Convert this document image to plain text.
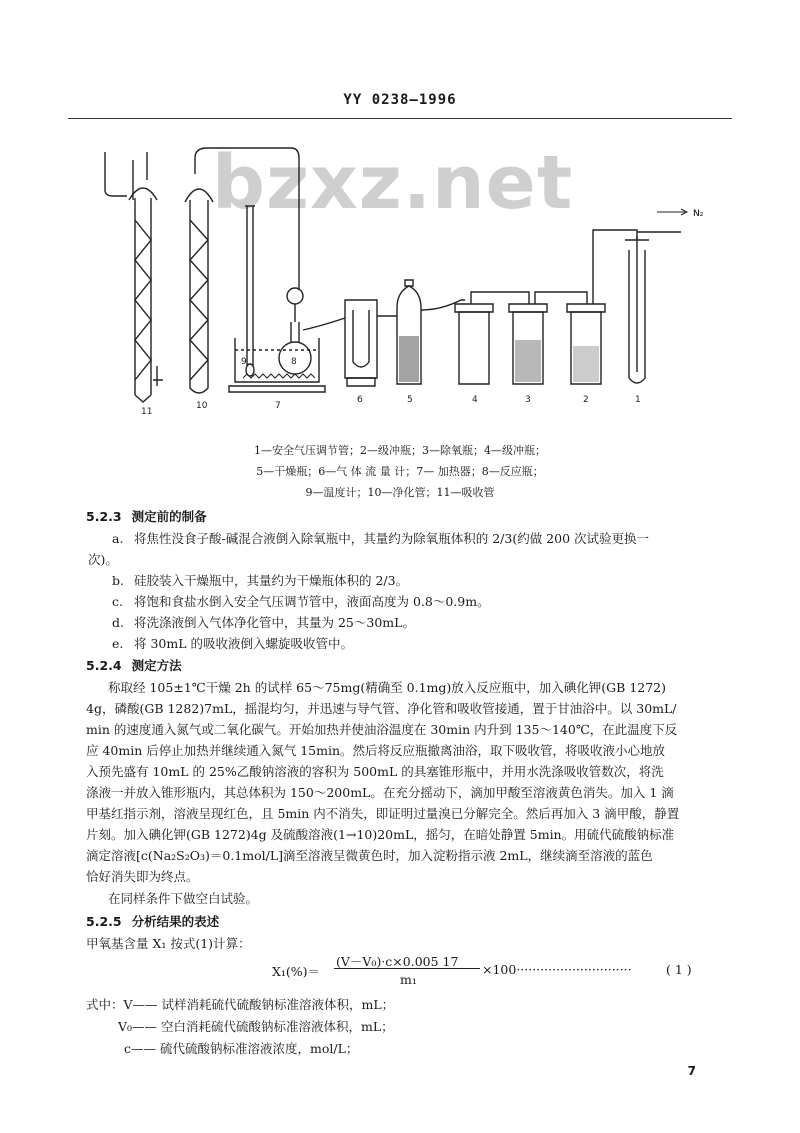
YY 0238—1996
bzxz.net	N₂
11
10	7
6	5	4	3	2	1
9	8
1—安全气压调节管；2—级冲瓶；3—除氧瓶；4—级冲瓶；
5—干燥瓶；6—气 体 流 量 计；7— 加热器；8—反应瓶；
9—温度计；10—净化管；11—吸收管
5.2.3 测定前的制备
a. 将焦性没食子酸-碱混合液倒入除氧瓶中，其量约为除氧瓶体积的 2/3(约做 200 次试验更换一
次)。
b. 硅胶装入干燥瓶中，其量约为干燥瓶体积的 2/3。
c. 将饱和食盐水倒入安全气压调节管中，液面高度为 0.8～0.9m。
d. 将洗涤液倒入气体净化管中，其量为 25～30mL。
e. 将 30mL 的吸收液倒入螺旋吸收管中。
5.2.4 测定方法
称取经 105±1℃干燥 2h 的试样 65～75mg(精确至 0.1mg)放入反应瓶中，加入碘化钾(GB 1272)
4g，磷酸(GB 1282)7mL，摇混均匀，并迅速与导气管、净化管和吸收管接通，置于甘油浴中。以 30mL/
min 的速度通入氮气或二氧化碳气。开始加热并使油浴温度在 30min 内升到 135～140℃，在此温度下反
应 40min 后停止加热并继续通入氮气 15min。然后将反应瓶撤离油浴，取下吸收管，将吸收液小心地放
入预先盛有 10mL 的 25%乙酸钠溶液的容积为 500mL 的具塞锥形瓶中，并用水洗涤吸收管数次，将洗
涤液一并放入锥形瓶内，其总体积为 150～200mL。在充分摇动下，滴加甲酸至溶液黄色消失。加入 1 滴
甲基红指示剂，溶液呈现红色，且 5min 内不消失，即证明过量溴已分解完全。然后再加入 3 滴甲酸，静置
片刻。加入碘化钾(GB 1272)4g 及硫酸溶液(1→10)20mL，摇匀，在暗处静置 5min。用硫代硫酸钠标准
滴定溶液[c(Na₂S₂O₃)＝0.1mol/L]滴至溶液呈微黄色时，加入淀粉指示液 2mL，继续滴至溶液的蓝色
恰好消失即为终点。
在同样条件下做空白试验。
5.2.5 分析结果的表述
甲氧基含量 X₁ 按式(1)计算：
X₁(%)＝
(V－V₀)·c×0.005 17
m₁
×100·····························	( 1 )
式中：V—— 试样消耗硫代硫酸钠标准溶液体积，mL；
V₀—— 空白消耗硫代硫酸钠标准溶液体积，mL；
c—— 硫代硫酸钠标准溶液浓度，mol/L；
7
